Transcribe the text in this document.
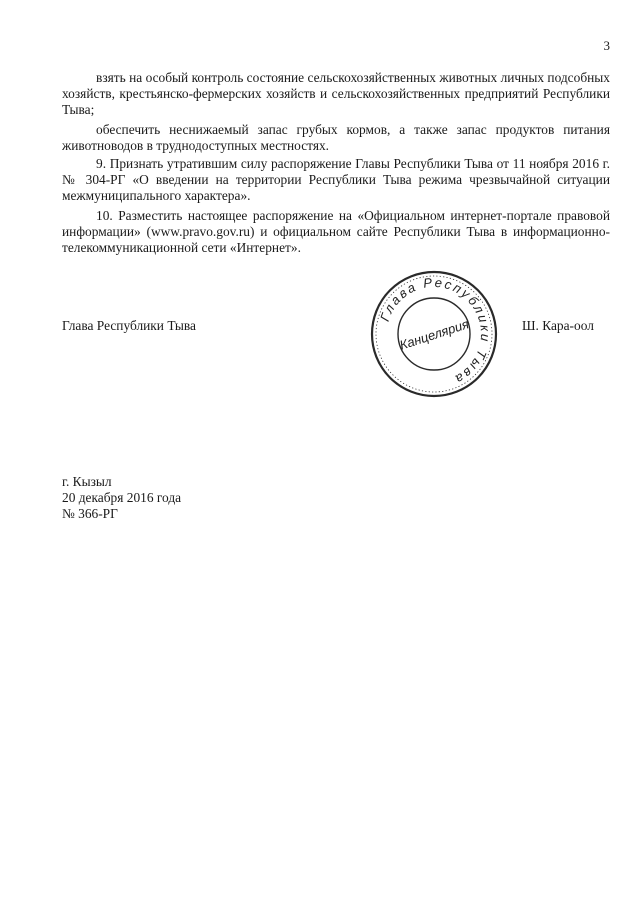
3

взять на особый контроль состояние сельскохозяйственных животных личных подсобных хозяйств, крестьянско-фермерских хозяйств и сельскохозяйственных предприятий Республики Тыва;

обеспечить неснижаемый запас грубых кормов, а также запас продуктов питания животноводов в труднодоступных местностях.

9. Признать утратившим силу распоряжение Главы Республики Тыва от 11 ноября 2016 г. № 304-РГ «О введении на территории Республики Тыва режима чрезвычайной ситуации межмуниципального характера».

10. Разместить настоящее распоряжение на «Официальном интернет-портале правовой информации» (www.pravo.gov.ru) и официальном сайте Республики Тыва в информационно-телекоммуникационной сети «Интернет».

Глава Республики Тыва
Глава Республики Тыва
Канцелярия	Ш. Кара-оол
г. Кызыл
20 декабря 2016 года
№ 366-РГ
